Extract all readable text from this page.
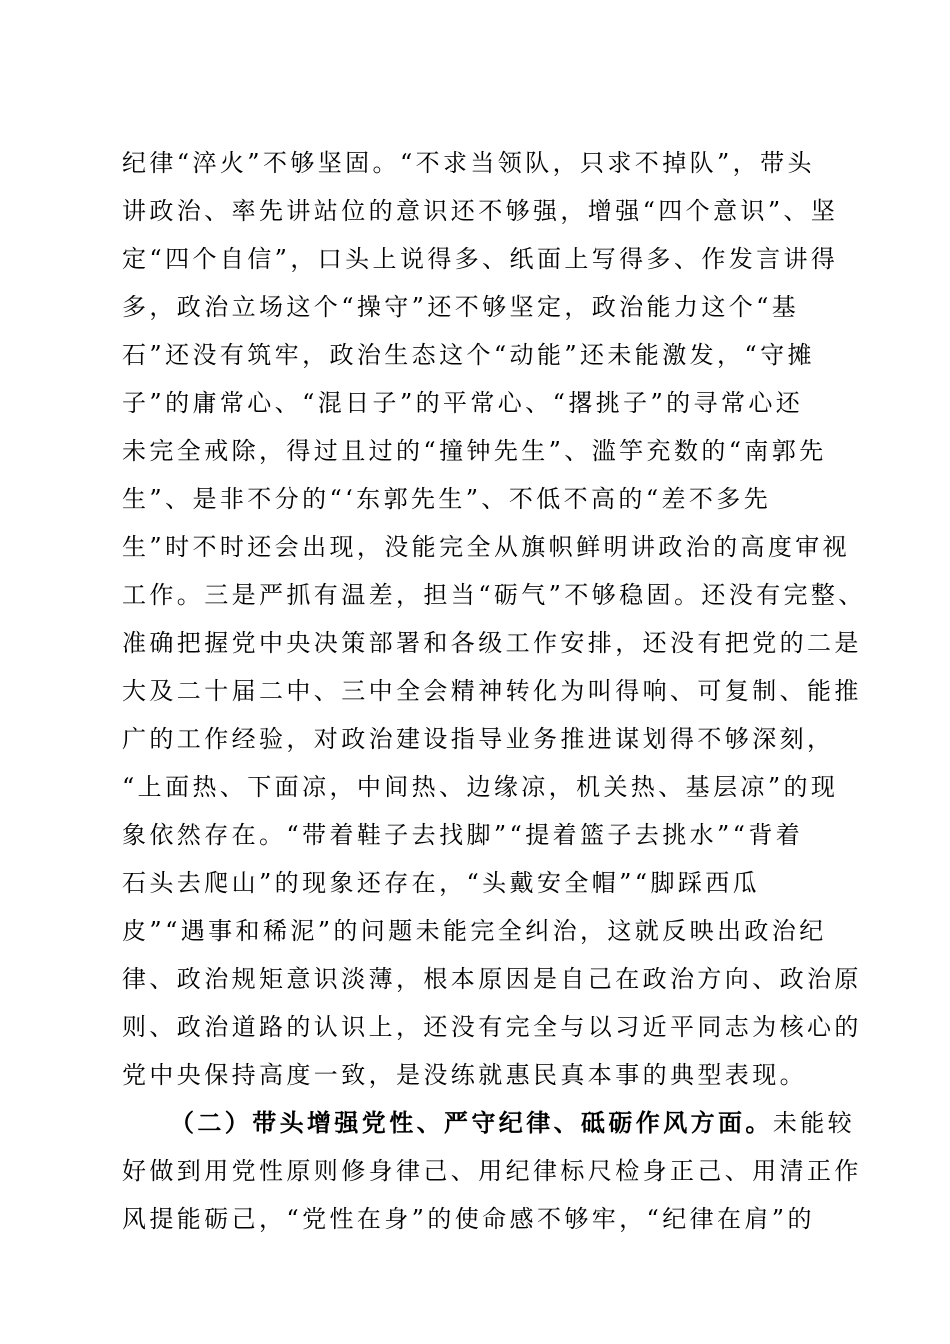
纪律“淬火”不够坚固。“不求当领队，只求不掉队”，带头
讲政治、率先讲站位的意识还不够强，增强“四个意识”、坚
定“四个自信”，口头上说得多、纸面上写得多、作发言讲得
多，政治立场这个“操守”还不够坚定，政治能力这个“基
石”还没有筑牢，政治生态这个“动能”还未能激发，“守摊
子”的庸常心、“混日子”的平常心、“撂挑子”的寻常心还
未完全戒除，得过且过的“撞钟先生”、滥竽充数的“南郭先
生”、是非不分的“‘东郭先生”、不低不高的“差不多先
生”时不时还会出现，没能完全从旗帜鲜明讲政治的高度审视
工作。三是严抓有温差，担当“砺气”不够稳固。还没有完整、
准确把握党中央决策部署和各级工作安排，还没有把党的二是
大及二十届二中、三中全会精神转化为叫得响、可复制、能推
广的工作经验，对政治建设指导业务推进谋划得不够深刻，
“上面热、下面凉，中间热、边缘凉，机关热、基层凉”的现
象依然存在。“带着鞋子去找脚”“提着篮子去挑水”“背着
石头去爬山”的现象还存在，“头戴安全帽”“脚踩西瓜
皮”“遇事和稀泥”的问题未能完全纠治，这就反映出政治纪
律、政治规矩意识淡薄，根本原因是自己在政治方向、政治原
则、政治道路的认识上，还没有完全与以习近平同志为核心的
党中央保持高度一致，是没练就惠民真本事的典型表现。
（二）带头增强党性、严守纪律、砥砺作风方面。未能较
好做到用党性原则修身律己、用纪律标尺检身正己、用清正作
风提能砺己，“党性在身”的使命感不够牢，“纪律在肩”的
